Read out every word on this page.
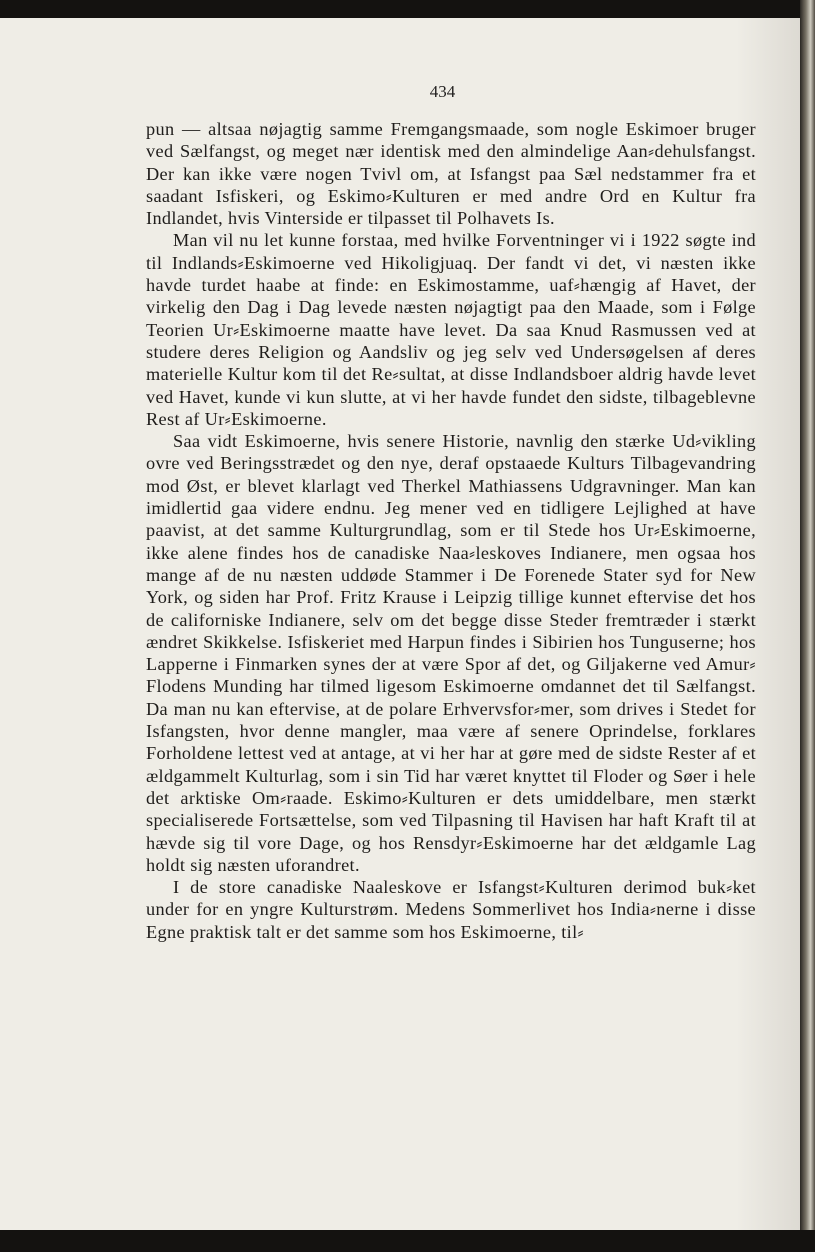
434

pun — altsaa nøjagtig samme Fremgangsmaade, som nogle Eskimoer bruger ved Sælfangst, og meget nær identisk med den almindelige Aan⸗dehulsfangst. Der kan ikke være nogen Tvivl om, at Isfangst paa Sæl nedstammer fra et saadant Isfiskeri, og Eskimo⸗Kulturen er med andre Ord en Kultur fra Indlandet, hvis Vinterside er tilpasset til Polhavets Is.

Man vil nu let kunne forstaa, med hvilke Forventninger vi i 1922 søgte ind til Indlands⸗Eskimoerne ved Hikoligjuaq. Der fandt vi det, vi næsten ikke havde turdet haabe at finde: en Eskimostamme, uaf⸗hængig af Havet, der virkelig den Dag i Dag levede næsten nøjagtigt paa den Maade, som i Følge Teorien Ur⸗Eskimoerne maatte have levet. Da saa Knud Rasmussen ved at studere deres Religion og Aandsliv og jeg selv ved Undersøgelsen af deres materielle Kultur kom til det Re⸗sultat, at disse Indlandsboer aldrig havde levet ved Havet, kunde vi kun slutte, at vi her havde fundet den sidste, tilbageblevne Rest af Ur⸗Eskimoerne.

Saa vidt Eskimoerne, hvis senere Historie, navnlig den stærke Ud⸗vikling ovre ved Beringsstrædet og den nye, deraf opstaaede Kulturs Tilbagevandring mod Øst, er blevet klarlagt ved Therkel Mathiassens Udgravninger. Man kan imidlertid gaa videre endnu. Jeg mener ved en tidligere Lejlighed at have paavist, at det samme Kulturgrundlag, som er til Stede hos Ur⸗Eskimoerne, ikke alene findes hos de canadiske Naa⸗leskoves Indianere, men ogsaa hos mange af de nu næsten uddøde Stammer i De Forenede Stater syd for New York, og siden har Prof. Fritz Krause i Leipzig tillige kunnet eftervise det hos de californiske Indianere, selv om det begge disse Steder fremtræder i stærkt ændret Skikkelse. Isfiskeriet med Harpun findes i Sibirien hos Tunguserne; hos Lapperne i Finmarken synes der at være Spor af det, og Giljakerne ved Amur⸗Flodens Munding har tilmed ligesom Eskimoerne omdannet det til Sælfangst. Da man nu kan eftervise, at de polare Erhvervsfor⸗mer, som drives i Stedet for Isfangsten, hvor denne mangler, maa være af senere Oprindelse, forklares Forholdene lettest ved at antage, at vi her har at gøre med de sidste Rester af et ældgammelt Kulturlag, som i sin Tid har været knyttet til Floder og Søer i hele det arktiske Om⸗raade. Eskimo⸗Kulturen er dets umiddelbare, men stærkt specialiserede Fortsættelse, som ved Tilpasning til Havisen har haft Kraft til at hævde sig til vore Dage, og hos Rensdyr⸗Eskimoerne har det ældgamle Lag holdt sig næsten uforandret.

I de store canadiske Naaleskove er Isfangst⸗Kulturen derimod buk⸗ket under for en yngre Kulturstrøm. Medens Sommerlivet hos India⸗nerne i disse Egne praktisk talt er det samme som hos Eskimoerne, til⸗
